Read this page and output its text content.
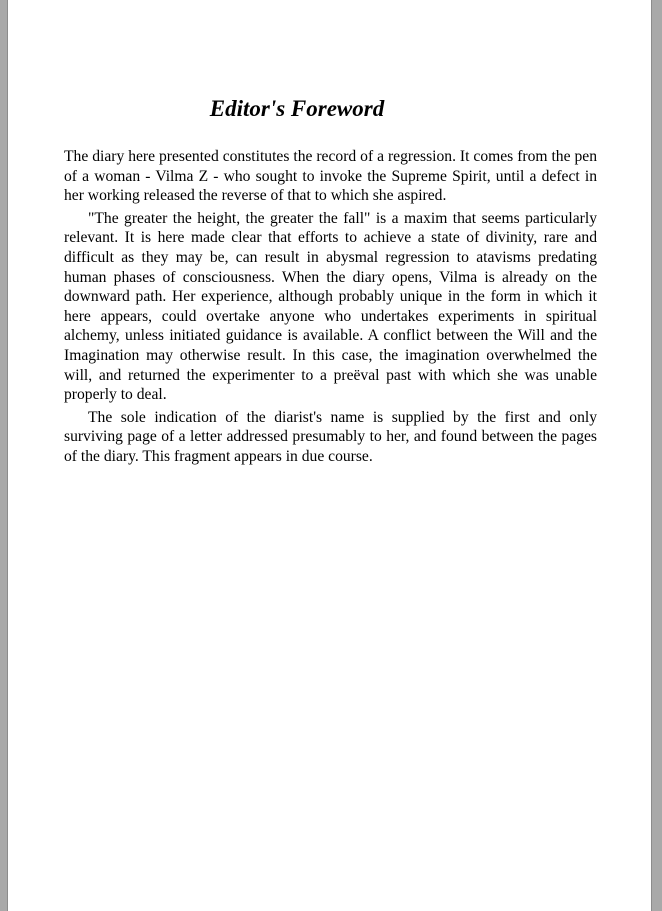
Editor's Foreword

The diary here presented constitutes the record of a regression. It comes from the pen of a woman - Vilma Z - who sought to invoke the Supreme Spirit, until a defect in her working released the reverse of that to which she aspired.

"The greater the height, the greater the fall" is a maxim that seems particularly relevant. It is here made clear that efforts to achieve a state of divinity, rare and difficult as they may be, can result in abysmal regression to atavisms predating human phases of consciousness. When the diary opens, Vilma is already on the downward path. Her experience, although probably unique in the form in which it here appears, could overtake anyone who undertakes experiments in spiritual alchemy, unless initiated guidance is available. A conflict between the Will and the Imagination may otherwise result. In this case, the imagination overwhelmed the will, and returned the experimenter to a preëval past with which she was unable properly to deal.

The sole indication of the diarist's name is supplied by the first and only surviving page of a letter addressed presumably to her, and found between the pages of the diary. This fragment appears in due course.
